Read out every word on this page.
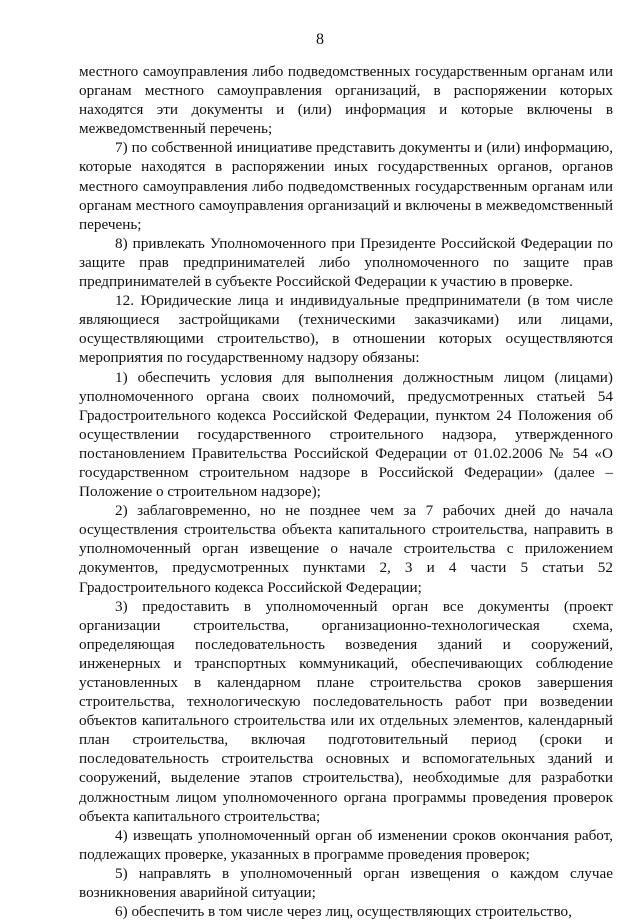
8

местного самоуправления либо подведомственных государственным органам или органам местного самоуправления организаций, в распоряжении которых находятся эти документы и (или) информация и которые включены в межведомственный перечень;

7) по собственной инициативе представить документы и (или) информацию, которые находятся в распоряжении иных государственных органов, органов местного самоуправления либо подведомственных государственным органам или органам местного самоуправления организаций и включены в межведомственный перечень;

8) привлекать Уполномоченного при Президенте Российской Федерации по защите прав предпринимателей либо уполномоченного по защите прав предпринимателей в субъекте Российской Федерации к участию в проверке.

12. Юридические лица и индивидуальные предприниматели (в том числе являющиеся застройщиками (техническими заказчиками) или лицами, осуществляющими строительство), в отношении которых осуществляются мероприятия по государственному надзору обязаны:

1) обеспечить условия для выполнения должностным лицом (лицами) уполномоченного органа своих полномочий, предусмотренных статьей 54 Градостроительного кодекса Российской Федерации, пунктом 24 Положения об осуществлении государственного строительного надзора, утвержденного постановлением Правительства Российской Федерации от 01.02.2006 № 54 «О государственном строительном надзоре в Российской Федерации» (далее – Положение о строительном надзоре);

2) заблаговременно, но не позднее чем за 7 рабочих дней до начала осуществления строительства объекта капитального строительства, направить в уполномоченный орган извещение о начале строительства с приложением документов, предусмотренных пунктами 2, 3 и 4 части 5 статьи 52 Градостроительного кодекса Российской Федерации;

3) предоставить в уполномоченный орган все документы (проект организации строительства, организационно-технологическая схема, определяющая последовательность возведения зданий и сооружений, инженерных и транспортных коммуникаций, обеспечивающих соблюдение установленных в календарном плане строительства сроков завершения строительства, технологическую последовательность работ при возведении объектов капитального строительства или их отдельных элементов, календарный план строительства, включая подготовительный период (сроки и последовательность строительства основных и вспомогательных зданий и сооружений, выделение этапов строительства), необходимые для разработки должностным лицом уполномоченного органа программы проведения проверок объекта капитального строительства;

4) извещать уполномоченный орган об изменении сроков окончания работ, подлежащих проверке, указанных в программе проведения проверок;

5) направлять в уполномоченный орган извещения о каждом случае возникновения аварийной ситуации;

6) обеспечить в том числе через лиц, осуществляющих строительство,
